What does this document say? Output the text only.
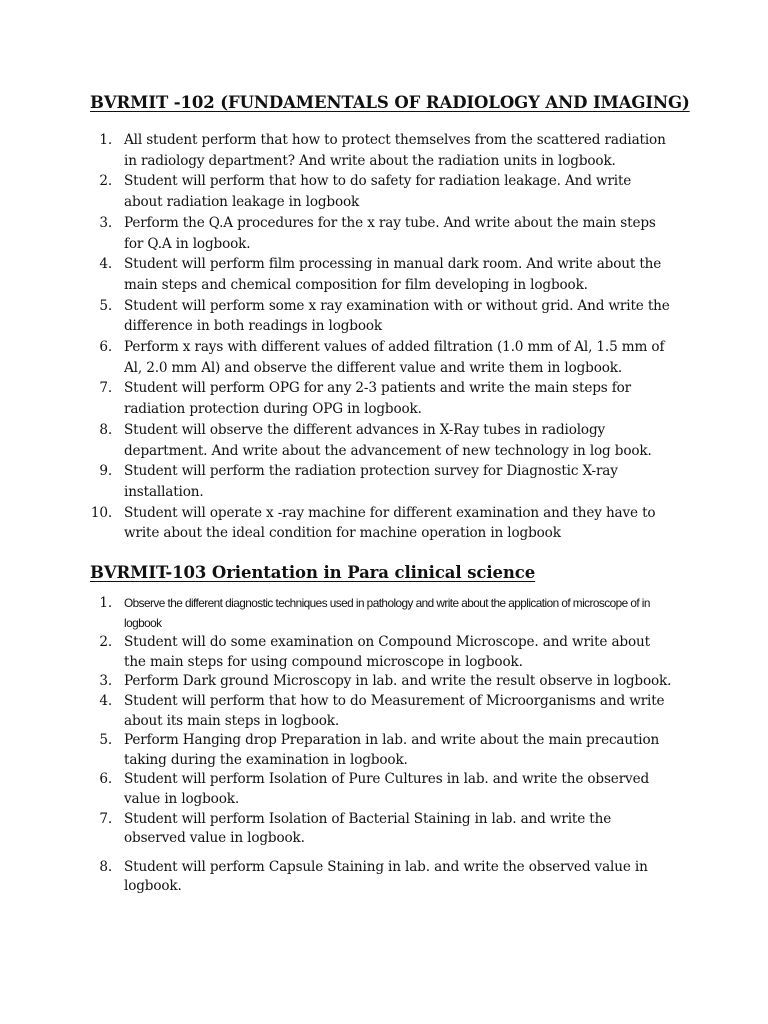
BVRMIT -102 (FUNDAMENTALS OF RADIOLOGY AND IMAGING)
1. All student perform that how to protect themselves from the scattered radiation in radiology department? And write about the radiation units in logbook.
2. Student will perform that how to do safety for radiation leakage. And write about radiation leakage in logbook
3. Perform the Q.A procedures for the x ray tube. And write about the main steps for Q.A in logbook.
4. Student will perform film processing in manual dark room. And write about the main steps and chemical composition for film developing in logbook.
5. Student will perform some x ray examination with or without grid. And write the difference in both readings in logbook
6. Perform x rays with different values of added filtration (1.0 mm of Al, 1.5 mm of Al, 2.0 mm Al) and observe the different value and write them in logbook.
7. Student will perform OPG for any 2-3 patients and write the main steps for radiation protection during OPG in logbook.
8. Student will observe the different advances in X-Ray tubes in radiology department. And write about the advancement of new technology in log book.
9. Student will perform the radiation protection survey for Diagnostic X-ray installation.
10. Student will operate x -ray machine for different examination and they have to write about the ideal condition for machine operation in logbook
BVRMIT-103 Orientation in Para clinical science
1.	Observe the different diagnostic techniques used in pathology and write about the application of microscope of in logbook
2. Student will do some examination on Compound Microscope. and write about the main steps for using compound microscope in logbook.
3. Perform Dark ground Microscopy in lab. and write the result observe in logbook.
4. Student will perform that how to do Measurement of Microorganisms and write about its main steps in logbook.
5. Perform Hanging drop Preparation in lab. and write about the main precaution taking during the examination in logbook.
6. Student will perform Isolation of Pure Cultures in lab. and write the observed value in logbook.
7. Student will perform Isolation of Bacterial Staining in lab. and write the observed value in logbook.
8. Student will perform Capsule Staining in lab. and write the observed value in logbook.
